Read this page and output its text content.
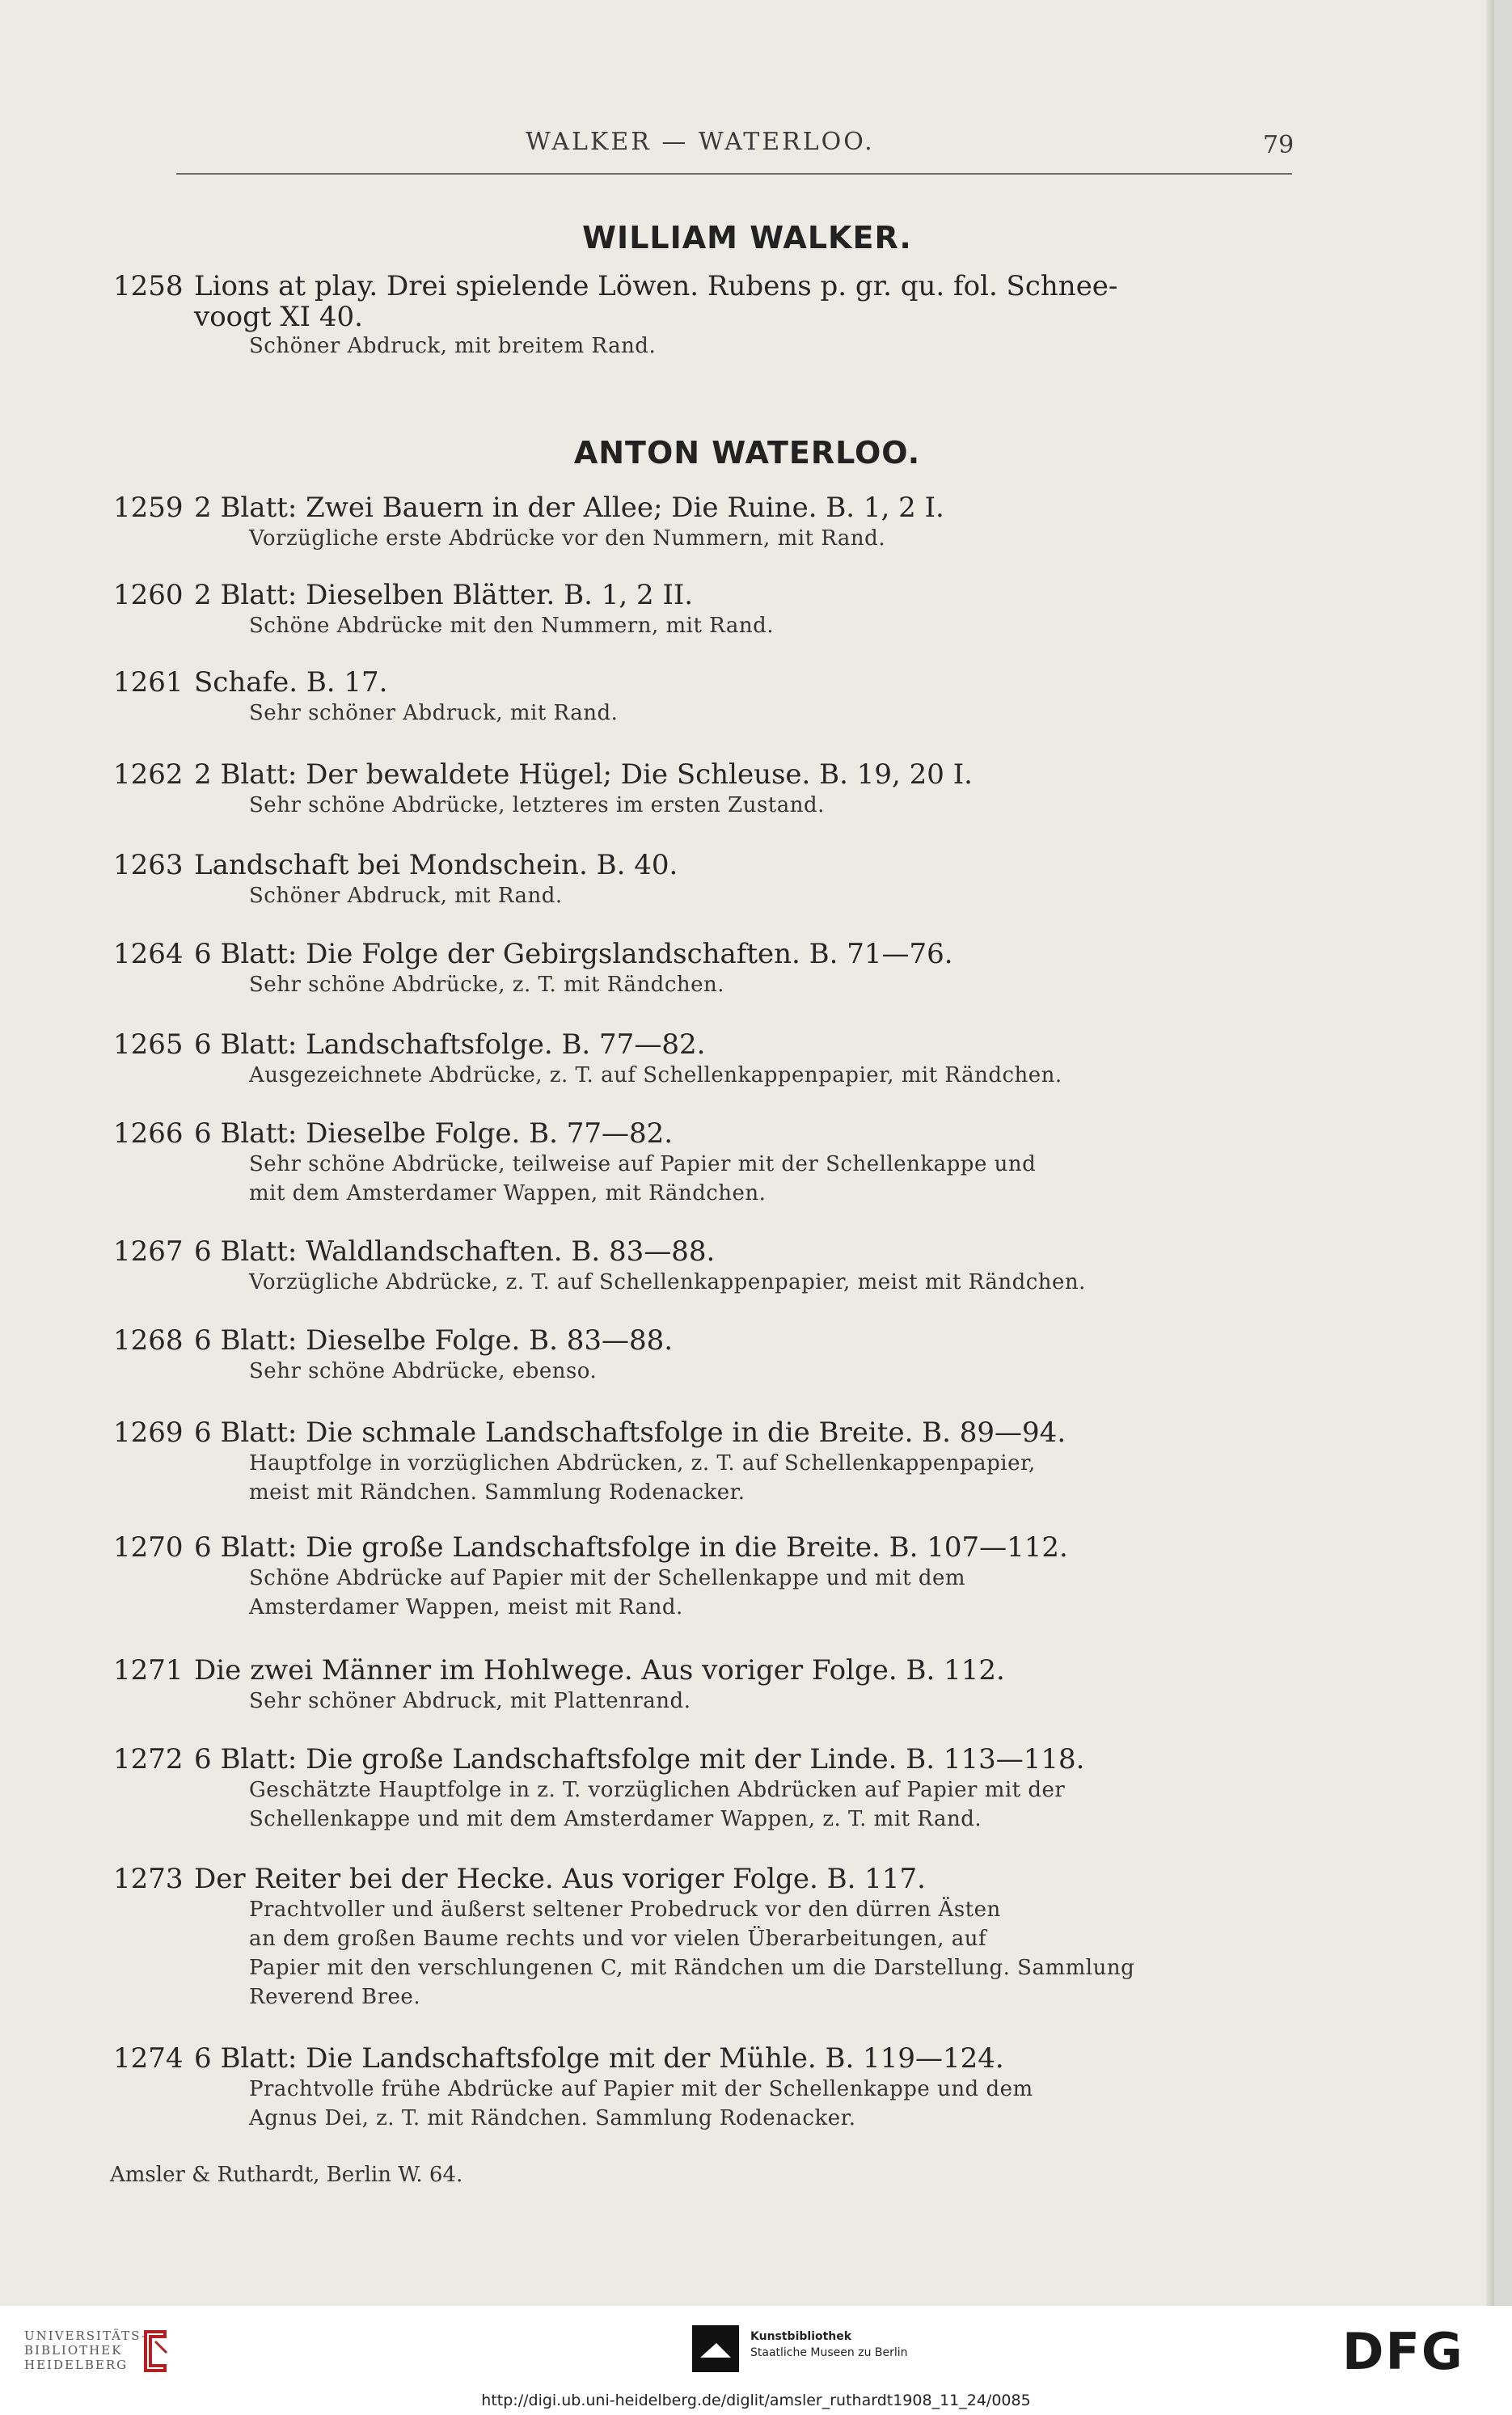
WALKER — WATERLOO.	79
WILLIAM WALKER.
1258 Lions at play. Drei spielende Löwen. Rubens p. gr. qu. fol. Schnee-
voogt XI 40.
Schöner Abdruck, mit breitem Rand.
ANTON WATERLOO.
1259 2 Blatt: Zwei Bauern in der Allee; Die Ruine. B. 1, 2 I.
Vorzügliche erste Abdrücke vor den Nummern, mit Rand.
1260 2 Blatt: Dieselben Blätter. B. 1, 2 II.
Schöne Abdrücke mit den Nummern, mit Rand.
1261 Schafe. B. 17.
Sehr schöner Abdruck, mit Rand.
1262 2 Blatt: Der bewaldete Hügel; Die Schleuse. B. 19, 20 I.
Sehr schöne Abdrücke, letzteres im ersten Zustand.
1263 Landschaft bei Mondschein. B. 40.
Schöner Abdruck, mit Rand.
1264 6 Blatt: Die Folge der Gebirgslandschaften. B. 71—76.
Sehr schöne Abdrücke, z. T. mit Rändchen.
1265 6 Blatt: Landschaftsfolge. B. 77—82.
Ausgezeichnete Abdrücke, z. T. auf Schellenkappenpapier, mit Rändchen.
1266 6 Blatt: Dieselbe Folge. B. 77—82.
Sehr schöne Abdrücke, teilweise auf Papier mit der Schellenkappe und
mit dem Amsterdamer Wappen, mit Rändchen.
1267 6 Blatt: Waldlandschaften. B. 83—88.
Vorzügliche Abdrücke, z. T. auf Schellenkappenpapier, meist mit Rändchen.
1268 6 Blatt: Dieselbe Folge. B. 83—88.
Sehr schöne Abdrücke, ebenso.
1269 6 Blatt: Die schmale Landschaftsfolge in die Breite. B. 89—94.
Hauptfolge in vorzüglichen Abdrücken, z. T. auf Schellenkappenpapier,
meist mit Rändchen. Sammlung Rodenacker.
1270 6 Blatt: Die große Landschaftsfolge in die Breite. B. 107—112.
Schöne Abdrücke auf Papier mit der Schellenkappe und mit dem
Amsterdamer Wappen, meist mit Rand.
1271 Die zwei Männer im Hohlwege. Aus voriger Folge. B. 112.
Sehr schöner Abdruck, mit Plattenrand.
1272 6 Blatt: Die große Landschaftsfolge mit der Linde. B. 113—118.
Geschätzte Hauptfolge in z. T. vorzüglichen Abdrücken auf Papier mit der
Schellenkappe und mit dem Amsterdamer Wappen, z. T. mit Rand.
1273 Der Reiter bei der Hecke. Aus voriger Folge. B. 117.
Prachtvoller und äußerst seltener Probedruck vor den dürren Ästen
an dem großen Baume rechts und vor vielen Überarbeitungen, auf
Papier mit den verschlungenen C, mit Rändchen um die Darstellung. Sammlung
Reverend Bree.
1274 6 Blatt: Die Landschaftsfolge mit der Mühle. B. 119—124.
Prachtvolle frühe Abdrücke auf Papier mit der Schellenkappe und dem
Agnus Dei, z. T. mit Rändchen. Sammlung Rodenacker.
Amsler & Ruthardt, Berlin W. 64.
UNIVERSITÄTS-
BIBLIOTHEK
HEIDELBERG
Kunstbibliothek
Staatliche Museen zu Berlin	DFG
http://digi.ub.uni-heidelberg.de/diglit/amsler_ruthardt1908_11_24/0085
